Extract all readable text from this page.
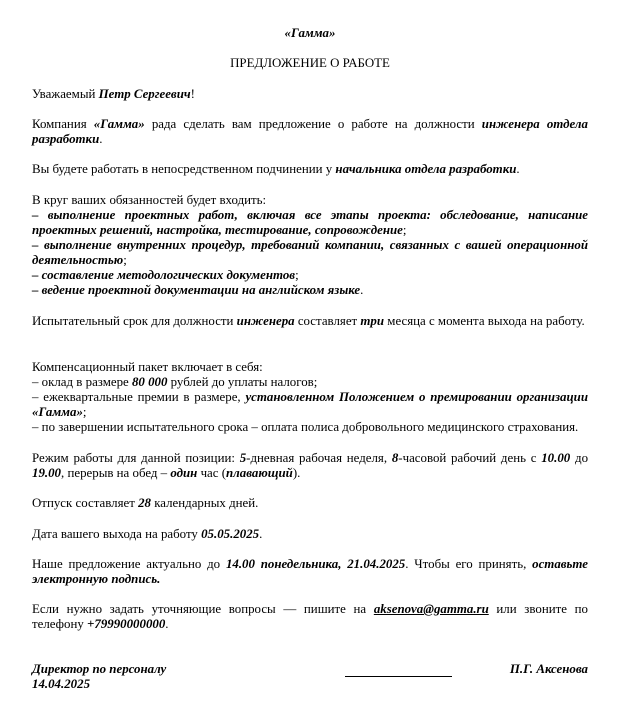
«Гамма»
ПРЕДЛОЖЕНИЕ О РАБОТЕ

Уважаемый Петр Сергеевич!

Компания «Гамма» рада сделать вам предложение о работе на должности инженера отдела разработки.

Вы будете работать в непосредственном подчинении у начальника отдела разработки.

В круг ваших обязанностей будет входить:

– выполнение проектных работ, включая все этапы проекта: обследование, написание проектных решений, настройка, тестирование, сопровождение;

– выполнение внутренних процедур, требований компании, связанных с вашей операционной деятельностью;

– составление методологических документов;

– ведение проектной документации на английском языке.

Испытательный срок для должности инженера составляет три месяца с момента выхода на работу.

Компенсационный пакет включает в себя:

– оклад в размере 80 000 рублей до уплаты налогов;

– ежеквартальные премии в размере, установленном Положением о премировании организации «Гамма»;

– по завершении испытательного срока – оплата полиса добровольного медицинского страхования.

Режим работы для данной позиции: 5-дневная рабочая неделя, 8-часовой рабочий день с 10.00 до 19.00, перерыв на обед – один час (плавающий).

Отпуск составляет 28 календарных дней.

Дата вашего выхода на работу 05.05.2025.

Наше предложение актуально до 14.00 понедельника, 21.04.2025. Чтобы его принять, оставьте электронную подпись.

Если нужно задать уточняющие вопросы — пишите на aksenova@gamma.ru или звоните по телефону +79990000000.

Директор по персоналу	П.Г. Аксенова
14.04.2025
